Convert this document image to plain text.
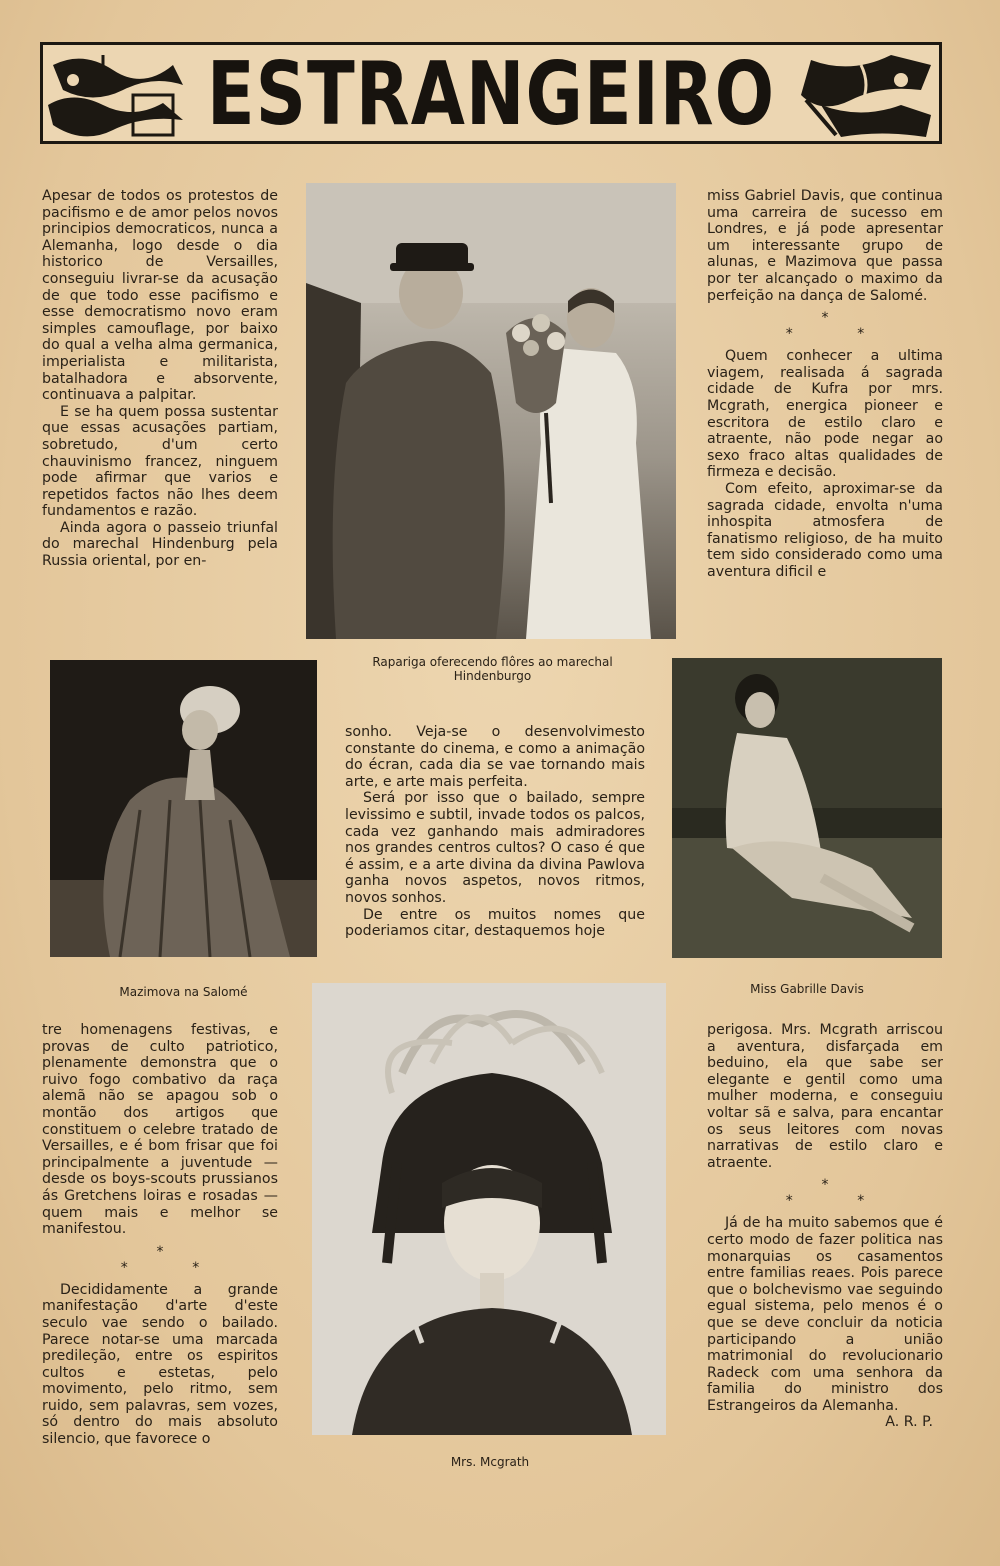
ESTRANGEIRO

Apesar de todos os protestos de pacifismo e de amor pelos novos principios democraticos, nunca a Alemanha, logo desde o dia historico de Versailles, conseguiu livrar-se da acusação de que todo esse pacifismo e esse democratismo novo eram simples camouflage, por baixo do qual a velha alma germanica, imperialista e militarista, batalhadora e absorvente, continuava a palpitar.

E se ha quem possa sustentar que essas acusações partiam, sobretudo, d'um certo chauvinismo francez, ninguem pode afirmar que varios e repetidos factos não lhes deem fundamentos e razão.

Ainda agora o passeio triunfal do marechal Hindenburg pela Russia oriental, por en-

miss Gabriel Davis, que continua uma carreira de sucesso em Londres, e já pode apresentar um interessante grupo de alunas, e Mazimova que passa por ter alcançado o maximo da perfeição na dança de Salomé.

*
* *

Quem conhecer a ultima viagem, realisada á sagrada cidade de Kufra por mrs. Mcgrath, energica pioneer e escritora de estilo claro e atraente, não pode negar ao sexo fraco altas qualidades de firmeza e decisão.

Com efeito, aproximar-se da sagrada cidade, envolta n'uma inhospita atmosfera de fanatismo religioso, de ha muito tem sido considerado como uma aventura dificil e

Rapariga oferecendo flôres ao marechal Hindenburgo

sonho. Veja-se o desenvolvimesto constante do cinema, e como a animação do écran, cada dia se vae tornando mais arte, e arte mais perfeita.

Será por isso que o bailado, sempre levissimo e subtil, invade todos os palcos, cada vez ganhando mais admiradores nos grandes centros cultos? O caso é que é assim, e a arte divina da divina Pawlova ganha novos aspetos, novos ritmos, novos sonhos.

De entre os muitos nomes que poderiamos citar, destaquemos hoje

Mazimova na Salomé	Miss Gabrille Davis

tre homenagens festivas, e provas de culto patriotico, plenamente demonstra que o ruivo fogo combativo da raça alemã não se apagou sob o montão dos artigos que constituem o celebre tratado de Versailles, e é bom frisar que foi principalmente a juventude — desde os boys-scouts prussianos ás Gretchens loiras e rosadas — quem mais e melhor se manifestou.

*
* *

Decididamente a grande manifestação d'arte d'este seculo vae sendo o bailado. Parece notar-se uma marcada predileção, entre os espiritos cultos e estetas, pelo movimento, pelo ritmo, sem ruido, sem palavras, sem vozes, só dentro do mais absoluto silencio, que favorece o

perigosa. Mrs. Mcgrath arriscou a aventura, disfarçada em beduino, ela que sabe ser elegante e gentil como uma mulher moderna, e conseguiu voltar sã e salva, para encantar os seus leitores com novas narrativas de estilo claro e atraente.

*
* *

Já de ha muito sabemos que é certo modo de fazer politica nas monarquias os casamentos entre familias reaes. Pois parece que o bolchevismo vae seguindo egual sistema, pelo menos é o que se deve concluir da noticia participando a união matrimonial do revolucionario Radeck com uma senhora da familia do ministro dos Estrangeiros da Alemanha.

A. R. P.

Mrs. Mcgrath
